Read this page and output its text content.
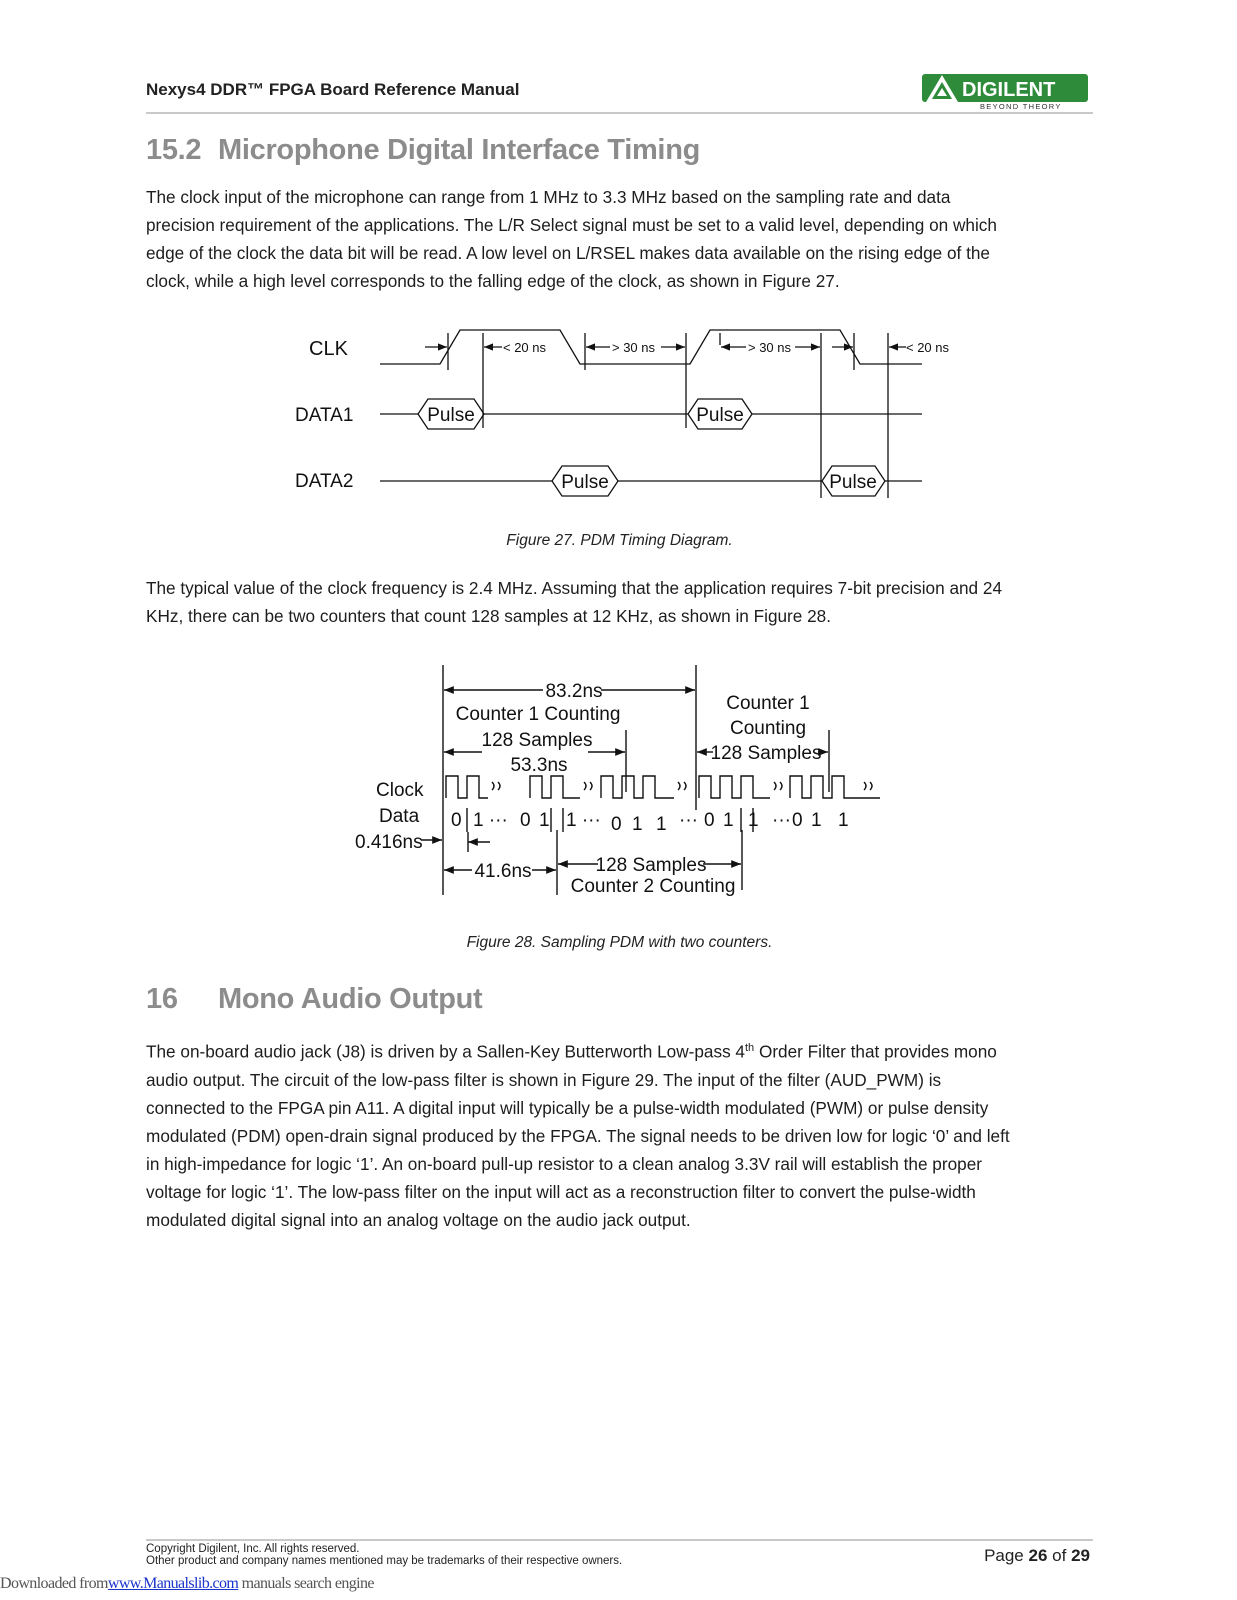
Nexys4 DDR™ FPGA Board Reference Manual	DIGILENT
BEYOND THEORY
15.2 Microphone Digital Interface Timing
The clock input of the microphone can range from 1 MHz to 3.3 MHz based on the sampling rate and data
precision requirement of the applications. The L/R Select signal must be set to a valid level, depending on which
edge of the clock the data bit will be read. A low level on L/RSEL makes data available on the rising edge of the
clock, while a high level corresponds to the falling edge of the clock, as shown in Figure 27.
CLK
DATA1
DATA2
< 20 ns	> 30 ns	> 30 ns	< 20 ns
Pulse	Pulse
Pulse	Pulse
Figure 27. PDM Timing Diagram.
The typical value of the clock frequency is 2.4 MHz. Assuming that the application requires 7-bit precision and 24
KHz, there can be two counters that count 128 samples at 12 KHz, as shown in Figure 28.
83.2ns
Counter 1 Counting
128 Samples
53.3ns
Counter 1
Counting
128 Samples
Clock
Data
0.416ns
41.6ns	128 Samples
Counter 2 Counting
0 1 ··· 0 1 1 ··· 0 1 1 ··· 0 1 1 ··· 0 1 1
Figure 28. Sampling PDM with two counters.
16 Mono Audio Output
The on-board audio jack (J8) is driven by a Sallen-Key Butterworth Low-pass 4th Order Filter that provides mono
audio output. The circuit of the low-pass filter is shown in Figure 29. The input of the filter (AUD_PWM) is
connected to the FPGA pin A11. A digital input will typically be a pulse-width modulated (PWM) or pulse density
modulated (PDM) open-drain signal produced by the FPGA. The signal needs to be driven low for logic ‘0’ and left
in high-impedance for logic ‘1’. An on-board pull-up resistor to a clean analog 3.3V rail will establish the proper
voltage for logic ‘1’. The low-pass filter on the input will act as a reconstruction filter to convert the pulse-width
modulated digital signal into an analog voltage on the audio jack output.
Copyright Digilent, Inc. All rights reserved.
Other product and company names mentioned may be trademarks of their respective owners.	Page 26 of 29
Downloaded fromwww.Manualslib.com manuals search engine
